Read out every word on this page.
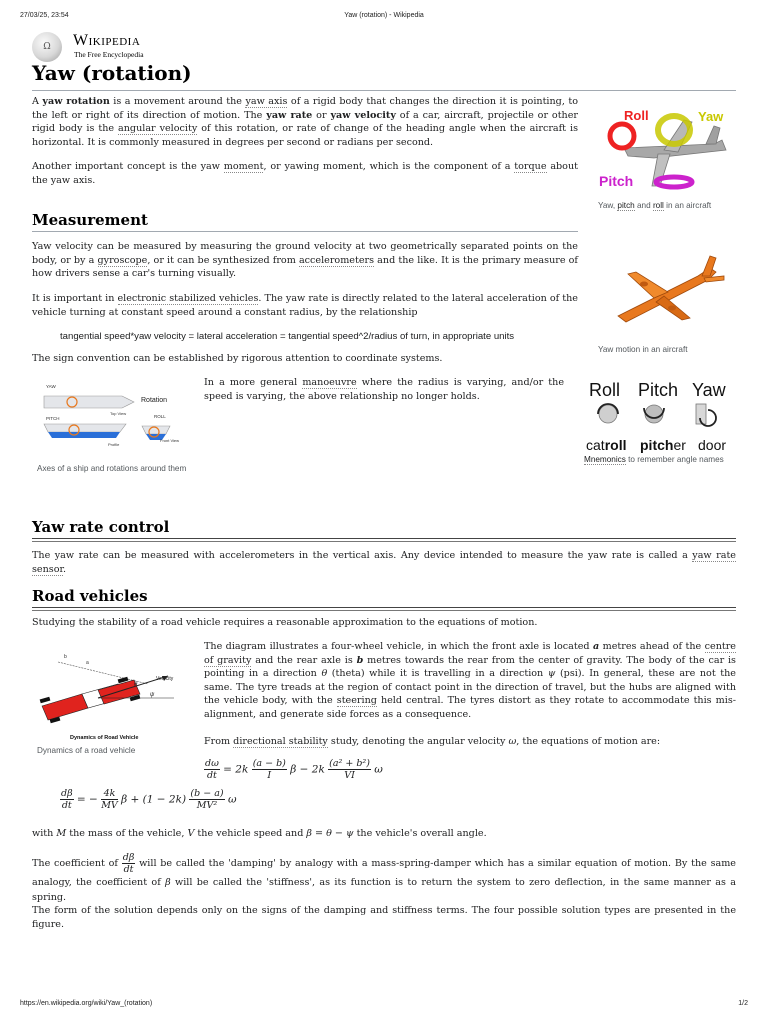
27/03/25, 23:54	Yaw (rotation) - Wikipedia
Ω	Wikipedia
The Free Encyclopedia
Yaw (rotation)

A yaw rotation is a movement around the yaw axis of a rigid body that changes the direction it is pointing, to the left or right of its direction of motion. The yaw rate or yaw velocity of a car, aircraft, projectile or other rigid body is the angular velocity of this rotation, or rate of change of the heading angle when the aircraft is horizontal. It is commonly measured in degrees per second or radians per second.

Another important concept is the yaw moment, or yawing moment, which is the component of a torque about the yaw axis.

Roll	Yaw
Pitch
Yaw, pitch and roll in an aircraft
Measurement

Yaw velocity can be measured by measuring the ground velocity at two geometrically separated points on the body, or by a gyroscope, or it can be synthesized from accelerometers and the like. It is the primary measure of how drivers sense a car's turning visually.

It is important in electronic stabilized vehicles. The yaw rate is directly related to the lateral acceleration of the vehicle turning at constant speed around a constant radius, by the relationship

tangential speed*yaw velocity = lateral acceleration = tangential speed^2/radius of turn, in appropriate units

The sign convention can be established by rigorous attention to coordinate systems.

Yaw motion in an aircraft
YAW
Top View
Rotation
PITCH
Profile
ROLL
Front View
Axes of a ship and rotations around them

In a more general manoeuvre where the radius is varying, and/or the speed is varying, the above relationship no longer holds.	Roll Pitch Yaw
catroll pitcher door
Mnemonics to remember angle names
Yaw rate control

The yaw rate can be measured with accelerometers in the vertical axis. Any device intended to measure the yaw rate is called a yaw rate sensor.

Road vehicles

Studying the stability of a road vehicle requires a reasonable approximation to the equations of motion.

b
a
Velocity
θ
ψ
Dynamics of Road Vehicle
Dynamics of a road vehicle

The diagram illustrates a four-wheel vehicle, in which the front axle is located a metres ahead of the centre of gravity and the rear axle is b metres towards the rear from the center of gravity. The body of the car is pointing in a direction θ (theta) while it is travelling in a direction ψ (psi). In general, these are not the same. The tyre treads at the region of contact point in the direction of travel, but the hubs are aligned with the vehicle body, with the steering held central. The tyres distort as they rotate to accommodate this mis-alignment, and generate side forces as a consequence.

From directional stability study, denoting the angular velocity ω, the equations of motion are:

$\frac{d\omega}{dt} = 2k \frac{(a - b)}{I}$ $\beta - 2k \frac{\text{(a² + b²)}}{VI}$ ω
$\frac{d\beta}{dt}$ = − $\frac{4k}{MV}$ $\beta + (1 - 2k) \frac{(b - a)}{\text{MV²}}$ ω

with M the mass of the vehicle, V the vehicle speed and β = θ − ψ the vehicle's overall angle.

The coefficient of $\frac{d\beta}{dt}$ will be called the 'damping' by analogy with a mass-spring-damper which has a similar equation of motion. By the same analogy, the coefficient of β will be called the 'stiffness', as its function is to return the system to zero deflection, in the same manner as a spring.

The form of the solution depends only on the signs of the damping and stiffness terms. The four possible solution types are presented in the figure.

https://en.wikipedia.org/wiki/Yaw_(rotation)	1/2
